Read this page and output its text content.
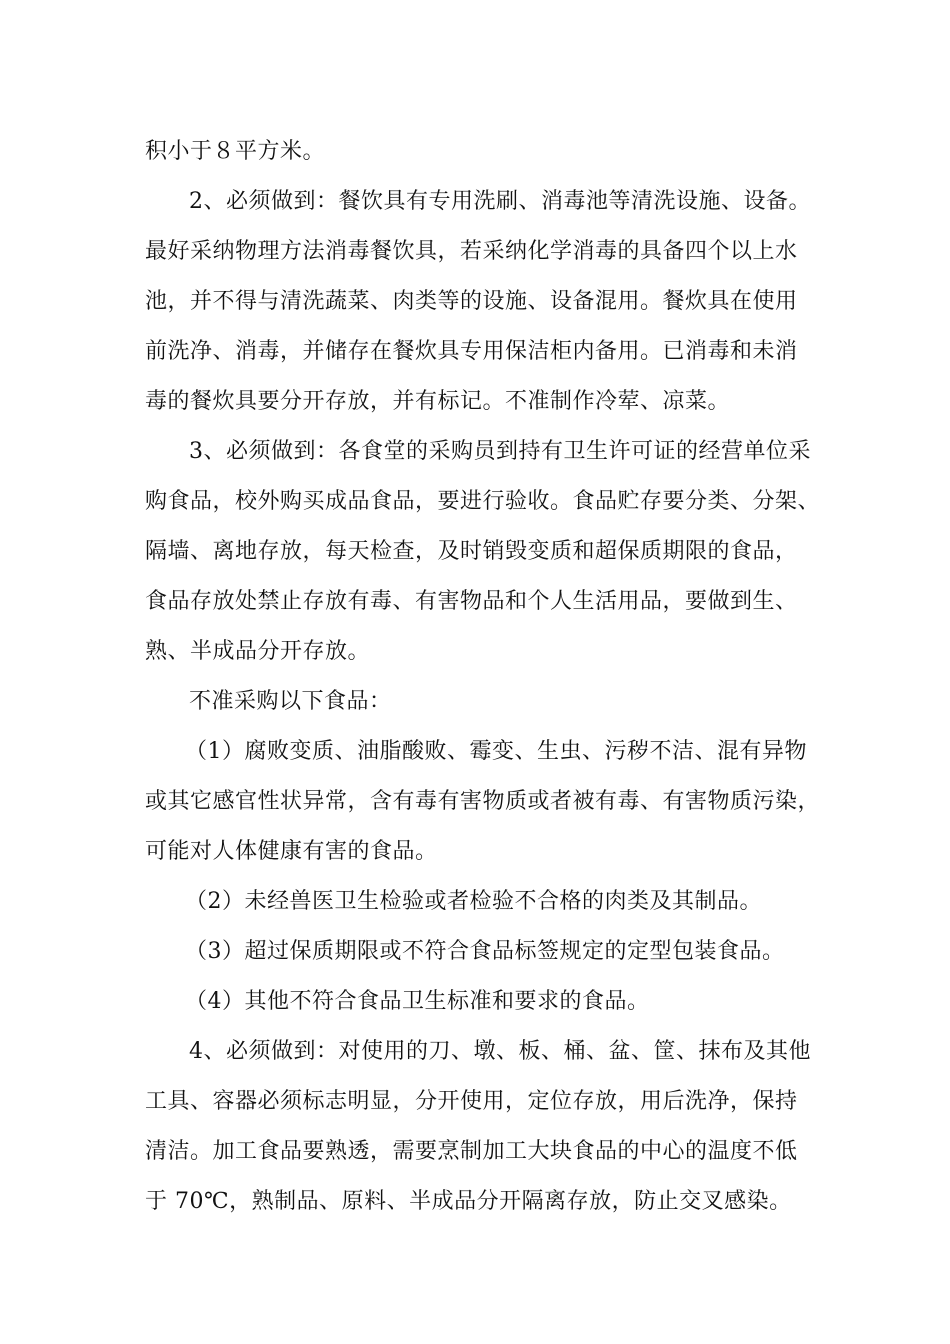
积小于８平方米。
2、必须做到：餐饮具有专用洗刷、消毒池等清洗设施、设备。
最好采纳物理方法消毒餐饮具，若采纳化学消毒的具备四个以上水
池，并不得与清洗蔬菜、肉类等的设施、设备混用。餐炊具在使用
前洗净、消毒，并储存在餐炊具专用保洁柜内备用。已消毒和未消
毒的餐炊具要分开存放，并有标记。不准制作冷荤、凉菜。
3、必须做到：各食堂的采购员到持有卫生许可证的经营单位采
购食品，校外购买成品食品，要进行验收。食品贮存要分类、分架、
隔墙、离地存放，每天检查，及时销毁变质和超保质期限的食品，
食品存放处禁止存放有毒、有害物品和个人生活用品，要做到生、
熟、半成品分开存放。
不准采购以下食品：
（1）腐败变质、油脂酸败、霉变、生虫、污秽不洁、混有异物
或其它感官性状异常，含有毒有害物质或者被有毒、有害物质污染，
可能对人体健康有害的食品。
（2）未经兽医卫生检验或者检验不合格的肉类及其制品。
（3）超过保质期限或不符合食品标签规定的定型包装食品。
（4）其他不符合食品卫生标准和要求的食品。
4、必须做到：对使用的刀、墩、板、桶、盆、筐、抹布及其他
工具、容器必须标志明显，分开使用，定位存放，用后洗净，保持
清洁。加工食品要熟透，需要烹制加工大块食品的中心的温度不低
于 70℃，熟制品、原料、半成品分开隔离存放，防止交叉感染。
